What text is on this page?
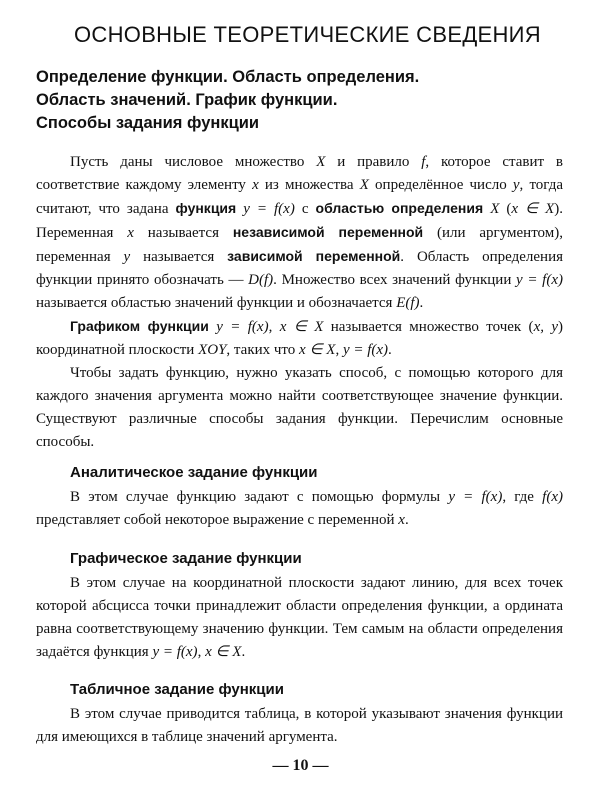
ОСНОВНЫЕ ТЕОРЕТИЧЕСКИЕ СВЕДЕНИЯ
Определение функции. Область определения.
Область значений. График функции.
Способы задания функции

Пусть даны числовое множество X и правило f, которое ставит в соответствие каждому элементу x из множества X определённое число y, тогда считают, что задана функция y = f(x) с областью определения X (x ∈ X). Переменная x называется независимой переменной (или аргументом), переменная y называется зависимой переменной. Область определения функции принято обозначать — D(f). Множество всех значений функции y = f(x) называется областью значений функции и обозначается E(f).

Графиком функции y = f(x), x ∈ X называется множество точек (x, y) координатной плоскости XOY, таких что x ∈ X, y = f(x).

Чтобы задать функцию, нужно указать способ, с помощью которого для каждого значения аргумента можно найти соответствующее значение функции. Существуют различные способы задания функции. Перечислим основные способы.

Аналитическое задание функции

В этом случае функцию задают с помощью формулы y = f(x), где f(x) представляет собой некоторое выражение с переменной x.

Графическое задание функции

В этом случае на координатной плоскости задают линию, для всех точек которой абсцисса точки принадлежит области определения функции, а ордината равна соответствующему значению функции. Тем самым на области определения задаётся функция y = f(x), x ∈ X.

Табличное задание функции

В этом случае приводится таблица, в которой указывают значения функции для имеющихся в таблице значений аргумента.

— 10 —
